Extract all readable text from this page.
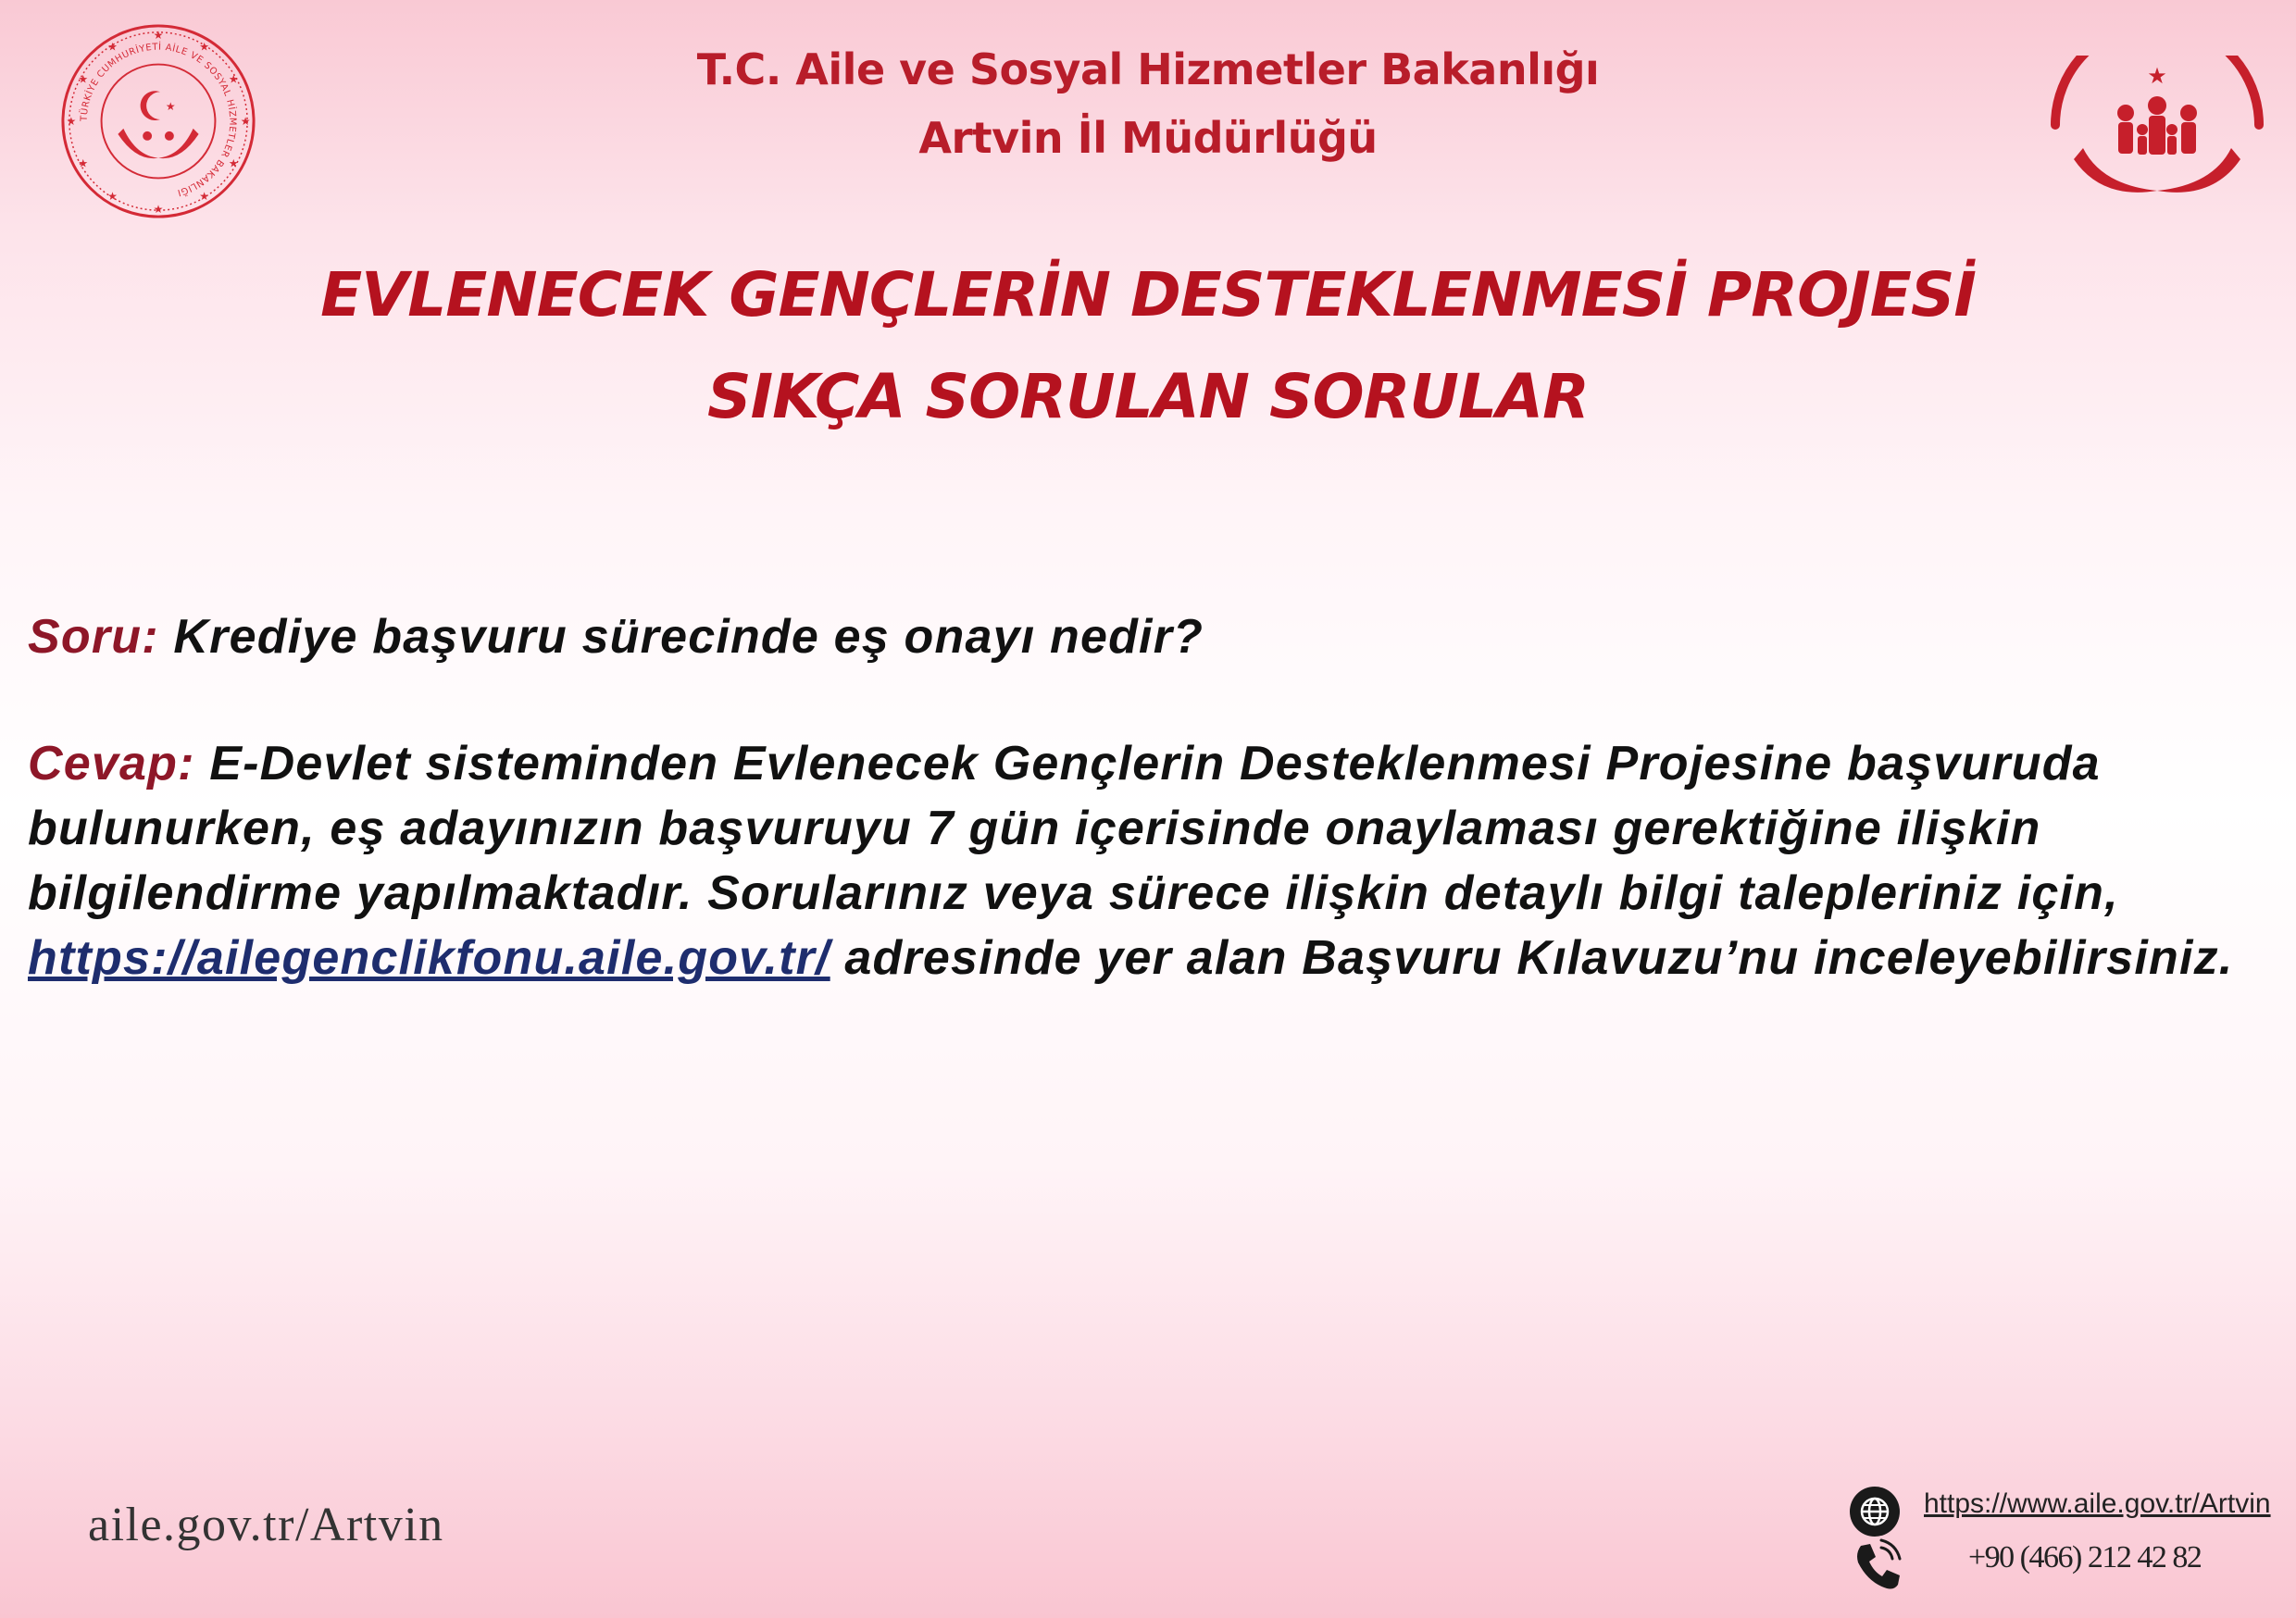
★
★
★
★
★
★
★
★
★
★
★
★
TÜRKİYE CUMHURİYETİ AİLE VE SOSYAL HİZMETLER BAKANLIĞI
★
★
T.C. Aile ve Sosyal Hizmetler Bakanlığı
Artvin İl Müdürlüğü
EVLENECEK GENÇLERİN DESTEKLENMESİ PROJESİ
SIKÇA SORULAN SORULAR
Soru: Krediye başvuru sürecinde eş onayı nedir?
Cevap: E-Devlet sisteminden Evlenecek Gençlerin Desteklenmesi Projesine başvuruda bulunurken, eş adayınızın başvuruyu 7 gün içerisinde onaylaması gerektiğine ilişkin bilgilendirme yapılmaktadır. Sorularınız veya sürece ilişkin detaylı bilgi talepleriniz için, https://ailegenclikfonu.aile.gov.tr/ adresinde yer alan Başvuru Kılavuzu’nu inceleyebilirsiniz.
aile.gov.tr/Artvin	https://www.aile.gov.tr/Artvin
+90 (466) 212 42 82
